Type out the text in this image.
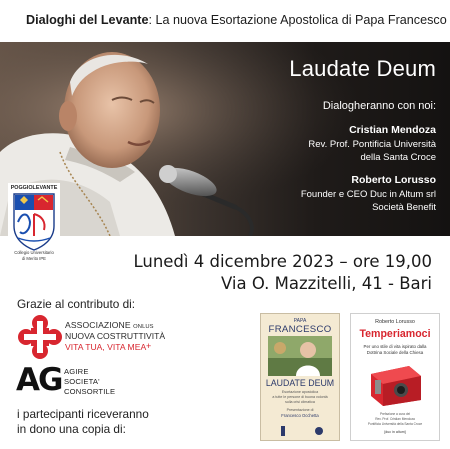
Dialoghi del Levante: La nuova Esortazione Apostolica di Papa Francesco
Laudate Deum
Dialogheranno con noi:
Cristian Mendoza
Rev. Prof. Pontificia Università
della Santa Croce
Roberto Lorusso
Founder e CEO Duc in Altum srl
Società Benefit
POGGIOLEVANTE
Collegio Universitario
di Merito IPE	Lunedì 4 dicembre 2023 – ore 19,00
Via O. Mazzitelli, 41 - Bari
Grazie al contributo di:
ASSOCIAZIONE ONLUS
NUOVA COSTRUTTIVITÀ
VITA TUA, VITA MEA +
AG AGIRE
SOCIETA'
CONSORTILE
i partecipanti riceveranno
in dono una copia di:
PAPA
FRANCESCO
LAUDATE DEUM
Esortazione apostolica
a tutte le persone di buona volontà
sulla crisi climatica
Presentazione di
Francesco Occhetta
Roberto Lorusso
Temperiamoci
Per uno stile di vita ispirato dalla
Dottrina Sociale della Chiesa
Prefazione a cura del
Rev. Prof. Cristian Mendoza
Pontificia Università della Santa Croce
[duc in altum]
